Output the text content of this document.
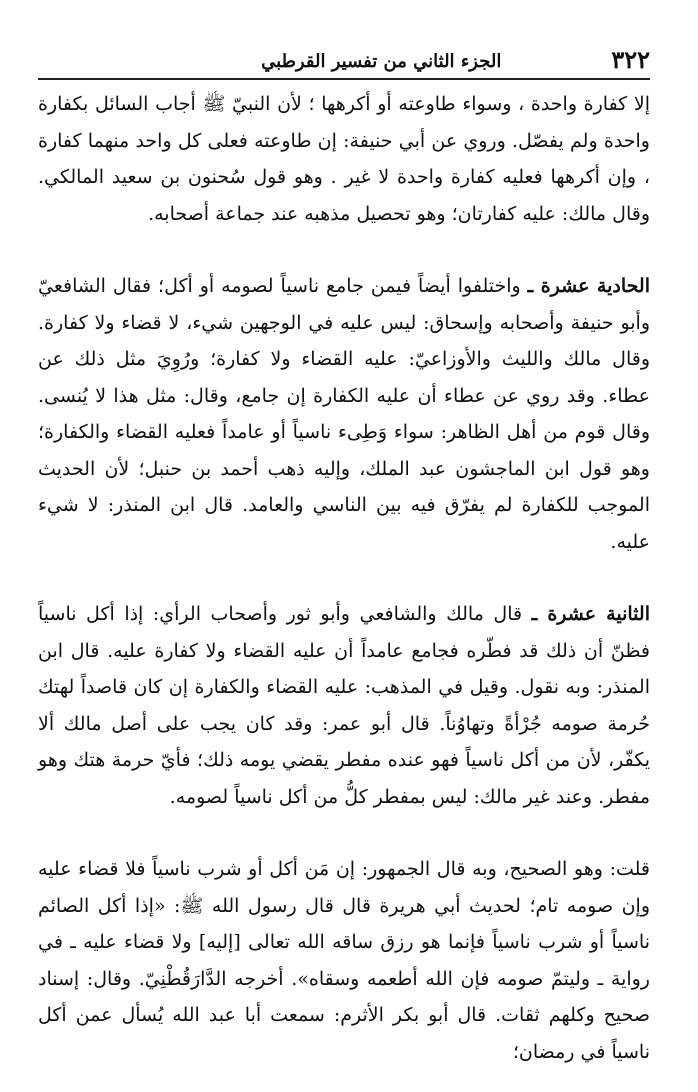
٣٢٢
الجزء الثاني من تفسير القرطبي

إلا كفارة واحدة ، وسواء طاوعته أو أكرهها ؛ لأن النبيّ ﷺ أجاب السائل بكفارة واحدة ولم يفصّل. وروي عن أبي حنيفة: إن طاوعته فعلى كل واحد منهما كفارة ، وإن أكرهها فعليه كفارة واحدة لا غير . وهو قول سُحنون بن سعيد المالكي. وقال مالك: عليه كفارتان؛ وهو تحصيل مذهبه عند جماعة أصحابه.

الحادية عشرة ـ واختلفوا أيضاً فيمن جامع ناسياً لصومه أو أكل؛ فقال الشافعيّ وأبو حنيفة وأصحابه وإسحاق: ليس عليه في الوجهين شيء، لا قضاء ولا كفارة. وقال مالك والليث والأوزاعيّ: عليه القضاء ولا كفارة؛ ورُوِيَ مثل ذلك عن عطاء. وقد روي عن عطاء أن عليه الكفارة إن جامع، وقال: مثل هذا لا يُنسى. وقال قوم من أهل الظاهر: سواء وَطِىء ناسياً أو عامداً فعليه القضاء والكفارة؛ وهو قول ابن الماجشون عبد الملك، وإليه ذهب أحمد بن حنبل؛ لأن الحديث الموجب للكفارة لم يفرّق فيه بين الناسي والعامد. قال ابن المنذر: لا شيء عليه.

الثانية عشرة ـ قال مالك والشافعي وأبو ثور وأصحاب الرأي: إذا أكل ناسياً فظنّ أن ذلك قد فطّره فجامع عامداً أن عليه القضاء ولا كفارة عليه. قال ابن المنذر: وبه نقول. وقيل في المذهب: عليه القضاء والكفارة إن كان قاصداً لهتك حُرمة صومه جُرْأةً وتهاوُناً. قال أبو عمر: وقد كان يجب على أصل مالك ألا يكفّر، لأن من أكل ناسياً فهو عنده مفطر يقضي يومه ذلك؛ فأيّ حرمة هتك وهو مفطر. وعند غير مالك: ليس بمفطر كلُّ من أكل ناسياً لصومه.

قلت: وهو الصحيح، وبه قال الجمهور: إن مَن أكل أو شرب ناسياً فلا قضاء عليه وإن صومه تام؛ لحديث أبي هريرة قال قال رسول الله ﷺ: «إذا أكل الصائم ناسياً أو شرب ناسياً فإنما هو رزق ساقه الله تعالى [إليه] ولا قضاء عليه ـ في رواية ـ وليتمّ صومه فإن الله أطعمه وسقاه». أخرجه الدَّارَقُطْنِيّ. وقال: إسناد صحيح وكلهم ثقات. قال أبو بكر الأثرم: سمعت أبا عبد الله يُسأل عمن أكل ناسياً في رمضان؛
